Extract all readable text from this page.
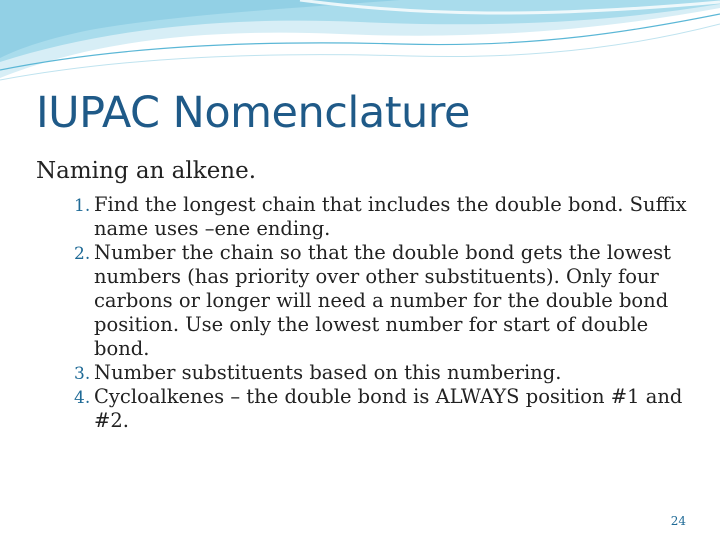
IUPAC Nomenclature
Naming an alkene.
1. Find the longest chain that includes the double bond. Suffix name uses –ene ending.
2. Number the chain so that the double bond gets the lowest numbers (has priority over other substituents). Only four carbons or longer will need a number for the double bond position. Use only the lowest number for start of double bond.
3. Number substituents based on this numbering.
4. Cycloalkenes – the double bond is ALWAYS position #1 and #2.
24
